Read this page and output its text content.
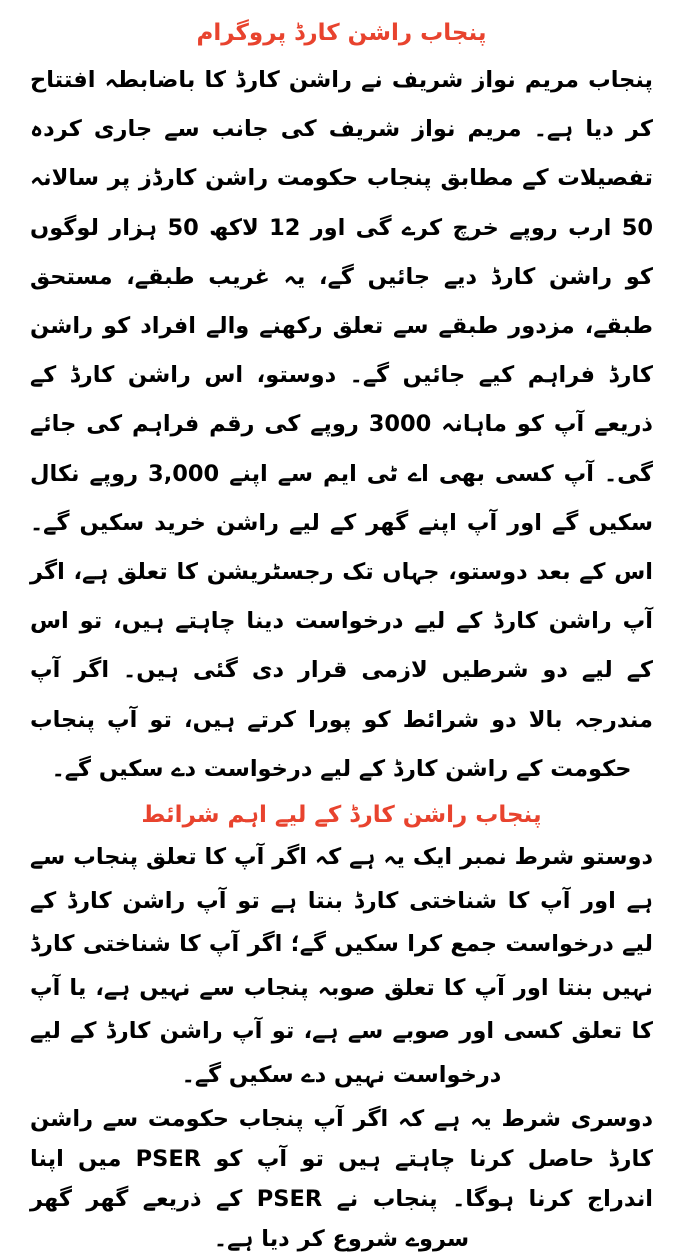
پنجاب راشن کارڈ پروگرام

پنجاب مریم نواز شریف نے راشن کارڈ کا باضابطہ افتتاح کر دیا ہے۔ مریم نواز شریف کی جانب سے جاری کردہ تفصیلات کے مطابق پنجاب حکومت راشن کارڈز پر سالانہ 50 ارب روپے خرچ کرے گی اور 12 لاکھ 50 ہزار لوگوں کو راشن کارڈ دیے جائیں گے، یہ غریب طبقے، مستحق طبقے، مزدور طبقے سے تعلق رکھنے والے افراد کو راشن کارڈ فراہم کیے جائیں گے۔ دوستو، اس راشن کارڈ کے ذریعے آپ کو ماہانہ 3000 روپے کی رقم فراہم کی جائے گی۔ آپ کسی بھی اے ٹی ایم سے اپنے 3,000 روپے نکال سکیں گے اور آپ اپنے گھر کے لیے راشن خرید سکیں گے۔ اس کے بعد دوستو، جہاں تک رجسٹریشن کا تعلق ہے، اگر آپ راشن کارڈ کے لیے درخواست دینا چاہتے ہیں، تو اس کے لیے دو شرطیں لازمی قرار دی گئی ہیں۔ اگر آپ مندرجہ بالا دو شرائط کو پورا کرتے ہیں، تو آپ پنجاب حکومت کے راشن کارڈ کے لیے درخواست دے سکیں گے۔

پنجاب راشن کارڈ کے لیے اہم شرائط

دوستو شرط نمبر ایک یہ ہے کہ اگر آپ کا تعلق پنجاب سے ہے اور آپ کا شناختی کارڈ بنتا ہے تو آپ راشن کارڈ کے لیے درخواست جمع کرا سکیں گے؛ اگر آپ کا شناختی کارڈ نہیں بنتا اور آپ کا تعلق صوبہ پنجاب سے نہیں ہے، یا آپ کا تعلق کسی اور صوبے سے ہے، تو آپ راشن کارڈ کے لیے درخواست نہیں دے سکیں گے۔

دوسری شرط یہ ہے کہ اگر آپ پنجاب حکومت سے راشن کارڈ حاصل کرنا چاہتے ہیں تو آپ کو PSER میں اپنا اندراج کرنا ہوگا۔ پنجاب نے PSER کے ذریعے گھر گھر سروے شروع کر دیا ہے۔
